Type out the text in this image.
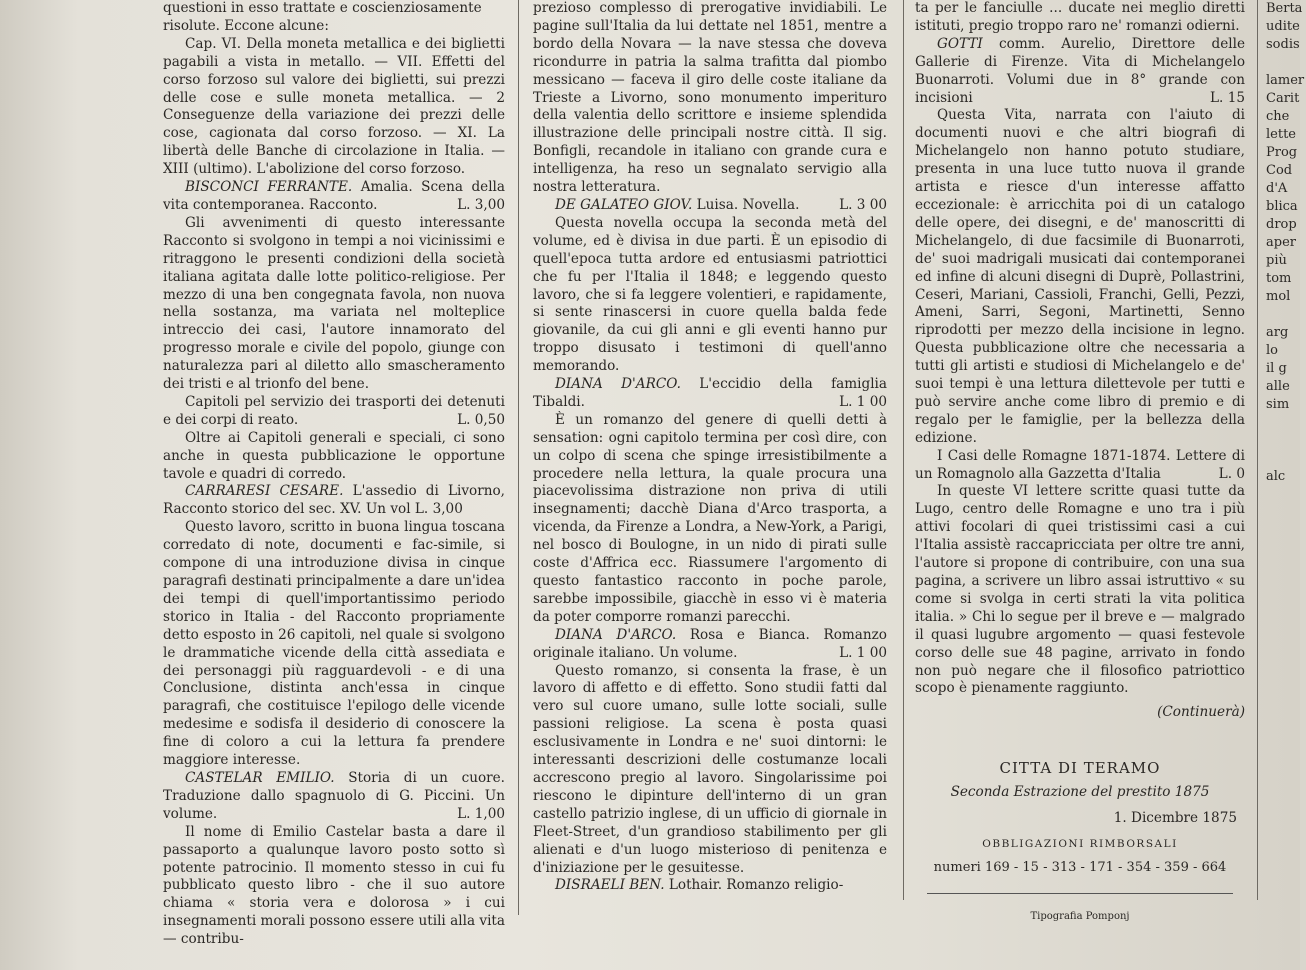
questioni in esso trattate e coscienziosamente

risolute. Eccone alcune:

Cap. VI. Della moneta metallica e dei biglietti pagabili a vista in metallo. — VII. Effetti del corso forzoso sul valore dei biglietti, sui prezzi delle cose e sulle moneta metallica. — 2 Conseguenze della variazione dei prezzi delle cose, cagionata dal corso forzoso. — XI. La libertà delle Banche di circolazione in Italia. — XIII (ultimo). L'abolizione del corso forzoso.

BISCONCI FERRANTE. Amalia. Scena della vita contemporanea. Racconto.	L. 3,00

Gli avvenimenti di questo interessante Racconto si svolgono in tempi a noi vicinissimi e ritraggono le presenti condizioni della società italiana agitata dalle lotte politico-religiose. Per mezzo di una ben congegnata favola, non nuova nella sostanza, ma variata nel molteplice intreccio dei casi, l'autore innamorato del progresso morale e civile del popolo, giunge con naturalezza pari al diletto allo smascheramento dei tristi e al trionfo del bene.

Capitoli pel servizio dei trasporti dei detenuti e dei corpi di reato.	L. 0,50

Oltre ai Capitoli generali e speciali, ci sono anche in questa pubblicazione le opportune tavole e quadri di corredo.

CARRARESI CESARE. L'assedio di Livorno, Racconto storico del sec. XV. Un vol L. 3,00

Questo lavoro, scritto in buona lingua toscana corredato di note, documenti e fac-simile, si compone di una introduzione divisa in cinque paragrafi destinati principalmente a dare un'idea dei tempi di quell'importantissimo periodo storico in Italia - del Racconto propriamente detto esposto in 26 capitoli, nel quale si svolgono le drammatiche vicende della città assediata e dei personaggi più ragguardevoli - e di una Conclusione, distinta anch'essa in cinque paragrafi, che costituisce l'epilogo delle vicende medesime e sodisfa il desiderio di conoscere la fine di coloro a cui la lettura fa prendere maggiore interesse.

CASTELAR EMILIO. Storia di un cuore. Traduzione dallo spagnuolo di G. Piccini. Un volume.	L. 1,00

Il nome di Emilio Castelar basta a dare il passaporto a qualunque lavoro posto sotto sì potente patrocinio. Il momento stesso in cui fu pubblicato questo libro - che il suo autore chiama « storia vera e dolorosa » i cui insegnamenti morali possono essere utili alla vita — contribu-

prezioso complesso di prerogative invidiabili. Le pagine sull'Italia da lui dettate nel 1851, mentre a bordo della Novara — la nave stessa che doveva ricondurre in patria la salma trafitta dal piombo messicano — faceva il giro delle coste italiane da Trieste a Livorno, sono monumento imperituro della valentia dello scrittore e insieme splendida illustrazione delle principali nostre città. Il sig. Bonfigli, recandole in italiano con grande cura e intelligenza, ha reso un segnalato servigio alla nostra letteratura.

DE GALATEO GIOV. Luisa. Novella.	L. 3 00

Questa novella occupa la seconda metà del volume, ed è divisa in due parti. È un episodio di quell'epoca tutta ardore ed entusiasmi patriottici che fu per l'Italia il 1848; e leggendo questo lavoro, che si fa leggere volentieri, e rapidamente, si sente rinascersi in cuore quella balda fede giovanile, da cui gli anni e gli eventi hanno pur troppo disusato i testimoni di quell'anno memorando.

DIANA D'ARCO. L'eccidio della famiglia Tibaldi.	L. 1 00

È un romanzo del genere di quelli detti à sensation: ogni capitolo termina per così dire, con un colpo di scena che spinge irresistibilmente a procedere nella lettura, la quale procura una piacevolissima distrazione non priva di utili insegnamenti; dacchè Diana d'Arco trasporta, a vicenda, da Firenze a Londra, a New-York, a Parigi, nel bosco di Boulogne, in un nido di pirati sulle coste d'Affrica ecc. Riassumere l'argomento di questo fantastico racconto in poche parole, sarebbe impossibile, giacchè in esso vi è materia da poter comporre romanzi parecchi.

DIANA D'ARCO. Rosa e Bianca. Romanzo originale italiano. Un volume.	L. 1 00

Questo romanzo, si consenta la frase, è un lavoro di affetto e di effetto. Sono studii fatti dal vero sul cuore umano, sulle lotte sociali, sulle passioni religiose. La scena è posta quasi esclusivamente in Londra e ne' suoi dintorni: le interessanti descrizioni delle costumanze locali accrescono pregio al lavoro. Singolarissime poi riescono le dipinture dell'interno di un gran castello patrizio inglese, di un ufficio di giornale in Fleet-Street, d'un grandioso stabilimento per gli alienati e d'un luogo misterioso di penitenza e d'iniziazione per le gesuitesse.

DISRAELI BEN. Lothair. Romanzo religio-

ta per le fanciulle ... ducate nei meglio diretti istituti, pregio troppo raro ne' romanzi odierni.

GOTTI comm. Aurelio, Direttore delle Gallerie di Firenze. Vita di Michelangelo Buonarroti. Volumi due in 8° grande con incisioni	L. 15

Questa Vita, narrata con l'aiuto di documenti nuovi e che altri biografi di Michelangelo non hanno potuto studiare, presenta in una luce tutto nuova il grande artista e riesce d'un interesse affatto eccezionale: è arricchita poi di un catalogo delle opere, dei disegni, e de' manoscritti di Michelangelo, di due facsimile di Buonarroti, de' suoi madrigali musicati dai contemporanei ed infine di alcuni disegni di Duprè, Pollastrini, Ceseri, Mariani, Cassioli, Franchi, Gelli, Pezzi, Ameni, Sarri, Segoni, Martinetti, Senno riprodotti per mezzo della incisione in legno. Questa pubblicazione oltre che necessaria a tutti gli artisti e studiosi di Michelangelo e de' suoi tempi è una lettura dilettevole per tutti e può servire anche come libro di premio e di regalo per le famiglie, per la bellezza della edizione.

I Casi delle Romagne 1871-1874. Lettere di un Romagnolo alla Gazzetta d'Italia	L. 0

In queste VI lettere scritte quasi tutte da Lugo, centro delle Romagne e uno tra i più attivi focolari di quei tristissimi casi a cui l'Italia assistè raccapricciata per oltre tre anni, l'autore si propone di contribuire, con una sua pagina, a scrivere un libro assai istruttivo « su come si svolga in certi strati la vita politica italia. » Chi lo segue per il breve e — malgrado il quasi lugubre argomento — quasi festevole corso delle sue 48 pagine, arrivato in fondo non può negare che il filosofico patriottico scopo è pienamente raggiunto.

(Continuerà)
CITTA DI TERAMO
Seconda Estrazione del prestito 1875
1. Dicembre 1875
OBBLIGAZIONI RIMBORSALI
numeri 169 - 15 - 313 - 171 - 354 - 359 - 664
Tipografia Pomponj
Berta
udite
sodis

lamer
Carit
che
lette
Prog
Cod
d'A
blica
drop
aper
più
tom
mol

arg
lo
il g
alle
sim

alc
